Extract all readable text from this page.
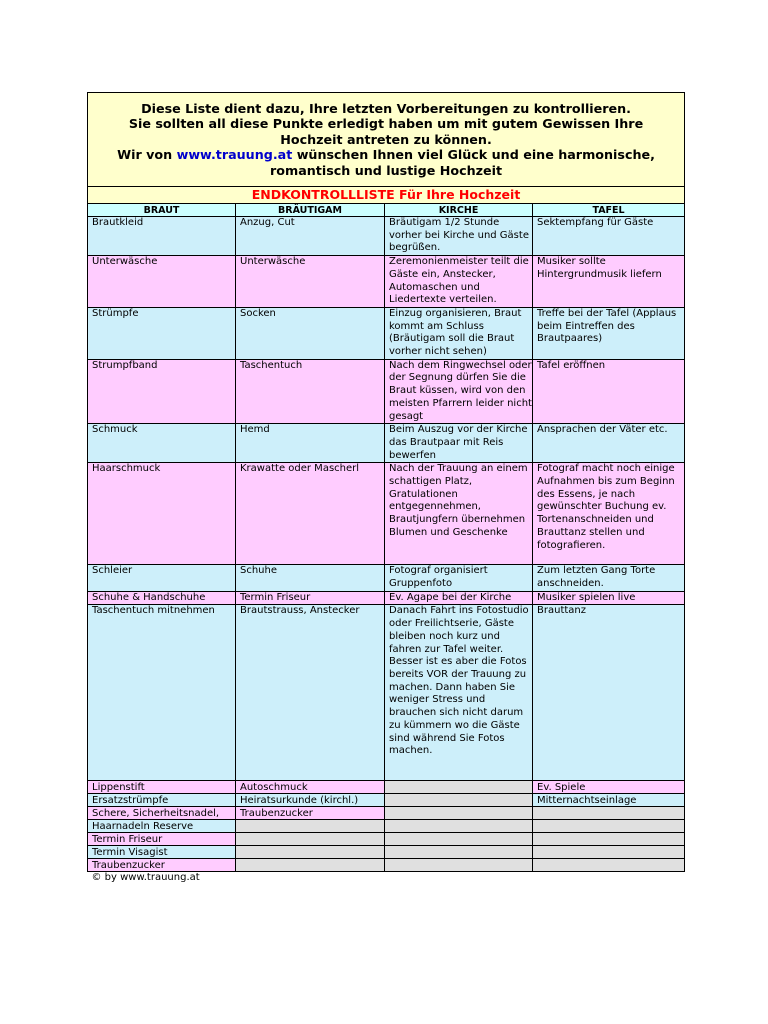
Diese Liste dient dazu, Ihre letzten Vorbereitungen zu kontrollieren.
Sie sollten all diese Punkte erledigt haben um mit gutem Gewissen Ihre
Hochzeit antreten zu können.
Wir von www.trauung.at wünschen Ihnen viel Glück und eine harmonische,
romantisch und lustige Hochzeit			
ENDKONTROLLLISTE Für Ihre Hochzeit			
BRAUT	BRÄUTIGAM	KIRCHE	TAFEL
Brautkleid	Anzug, Cut	Bräutigam 1/2 Stunde vorher bei Kirche und Gäste begrüßen.	Sektempfang für Gäste
Unterwäsche	Unterwäsche	Zeremonienmeister teilt die Gäste ein, Anstecker, Automaschen und Liedertexte verteilen.	Musiker sollte Hintergrundmusik liefern
Strümpfe	Socken	Einzug organisieren, Braut kommt am Schluss (Bräutigam soll die Braut vorher nicht sehen)	Treffe bei der Tafel (Applaus beim Eintreffen des Brautpaares)
Strumpfband	Taschentuch	Nach dem Ringwechsel oder der Segnung dürfen Sie die Braut küssen, wird von den meisten Pfarrern leider nicht gesagt	Tafel eröffnen
Schmuck	Hemd	Beim Auszug vor der Kirche das Brautpaar mit Reis bewerfen	Ansprachen der Väter etc.
Haarschmuck	Krawatte oder Mascherl	Nach der Trauung an einem schattigen Platz, Gratulationen entgegennehmen, Brautjungfern übernehmen Blumen und Geschenke	Fotograf macht noch einige Aufnahmen bis zum Beginn des Essens, je nach gewünschter Buchung ev. Tortenanschneiden und Brauttanz stellen und fotografieren.
Schleier	Schuhe	Fotograf organisiert Gruppenfoto	Zum letzten Gang Torte anschneiden.
Schuhe & Handschuhe	Termin Friseur	Ev. Agape bei der Kirche	Musiker spielen live
Taschentuch mitnehmen	Brautstrauss, Anstecker	Danach Fahrt ins Fotostudio oder Freilichtserie, Gäste bleiben noch kurz und fahren zur Tafel weiter. Besser ist es aber die Fotos bereits VOR der Trauung zu machen. Dann haben Sie weniger Stress und brauchen sich nicht darum zu kümmern wo die Gäste sind während Sie Fotos machen.	Brauttanz
Lippenstift	Autoschmuck		Ev. Spiele
Ersatzstrümpfe	Heiratsurkunde (kirchl.)		Mitternachtseinlage
Schere, Sicherheitsnadel,	Traubenzucker		
Haarnadeln Reserve			
Termin Friseur			
Termin Visagist			
Traubenzucker			
© by www.trauung.at			
